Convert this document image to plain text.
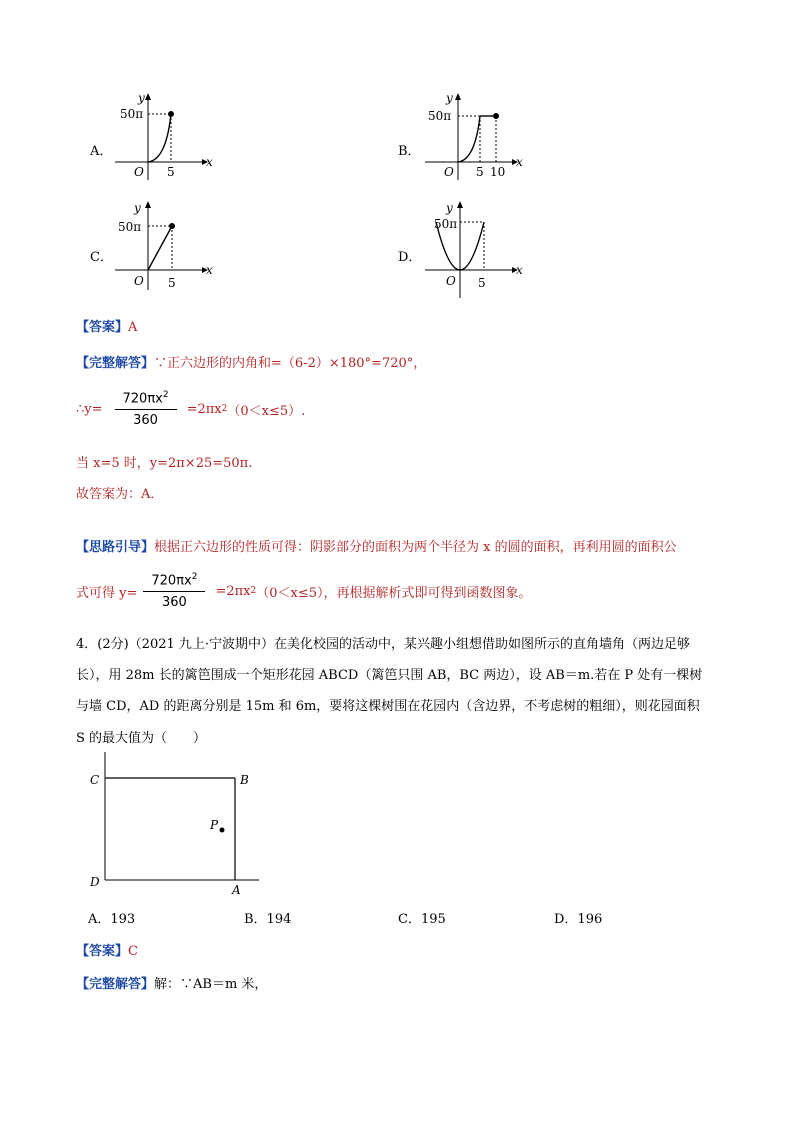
A．
y
x
50π
O 5
B．
y
x
50π
O 5 10
C．
y
x
50π
O 5
D．
y
x
50π
O 5
【答案】A
【完整解答】∵正六边形的内角和=（6-2）×180°=720°，
∴y= $\frac{720\pi x^2}{360} =2\pi x$ 2 （0＜x≤5）.
当 x=5 时，y=2π×25=50π.
故答案为：A．
【思路引导】根据正六边形的性质可得：阴影部分的面积为两个半径为 x 的圆的面积，再利用圆的面积公
式可得 $y= \frac{720\pi x^2}{360} =2\pi x$ 2 （0＜x≤5），再根据解析式即可得到函数图象。
4．(2分)（2021 九上·宁波期中）在美化校园的活动中，某兴趣小组想借助如图所示的直角墙角（两边足够
长），用 28m 长的篱笆围成一个矩形花园 ABCD（篱笆只围 AB，BC 两边），设 AB＝m.若在 P 处有一棵树
与墙 CD，AD 的距离分别是 15m 和 6m，要将这棵树围在花园内（含边界，不考虑树的粗细），则花园面积
S 的最大值为（　　）
C	B
P
D
A
A．193	B．194	C．195	D．196
【答案】C
【完整解答】解：∵AB＝m 米，
